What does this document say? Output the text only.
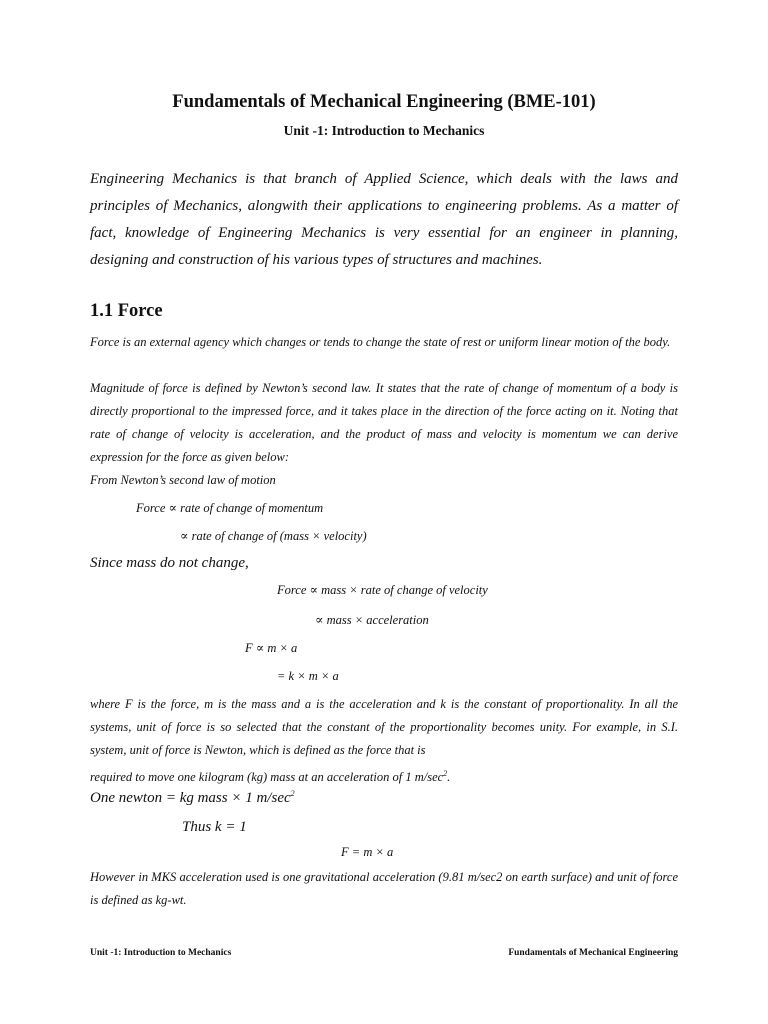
Fundamentals of Mechanical Engineering (BME-101)
Unit -1: Introduction to Mechanics

Engineering Mechanics is that branch of Applied Science, which deals with the laws and principles of Mechanics, alongwith their applications to engineering problems. As a matter of fact, knowledge of Engineering Mechanics is very essential for an engineer in planning, designing and construction of his various types of structures and machines.

1.1 Force
Force is an external agency which changes or tends to change the state of rest or uniform linear motion of the body.
Magnitude of force is defined by Newton’s second law. It states that the rate of change of momentum of a body is directly proportional to the impressed force, and it takes place in the direction of the force acting on it. Noting that rate of change of velocity is acceleration, and the product of mass and velocity is momentum we can derive expression for the force as given below:
From Newton’s second law of motion
Force ∝ rate of change of momentum
∝ rate of change of (mass × velocity)
Since mass do not change,
Force ∝ mass × rate of change of velocity
∝ mass × acceleration
F ∝ m × a
= k × m × a
where F is the force, m is the mass and a is the acceleration and k is the constant of proportionality. In all the systems, unit of force is so selected that the constant of the proportionality becomes unity. For example, in S.I. system, unit of force is Newton, which is defined as the force that is
required to move one kilogram (kg) mass at an acceleration of 1 $m/\sec^2$.
One newton = kg mass × 1 $m/\sec^2$
Thus k = 1
F = m × a
However in MKS acceleration used is one gravitational acceleration (9.81 m/sec2 on earth surface) and unit of force is defined as kg-wt.
Unit -1: Introduction to Mechanics	Fundamentals of Mechanical Engineering
